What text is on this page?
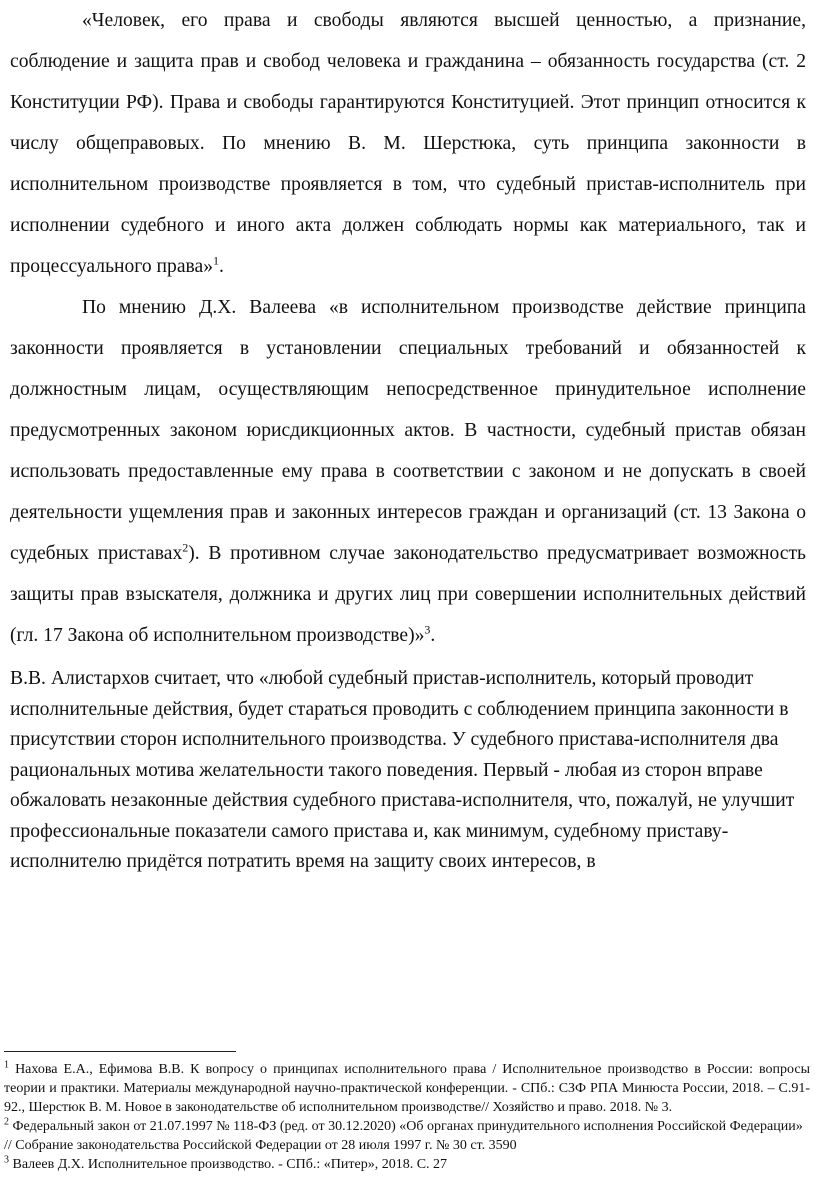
«Человек, его права и свободы являются высшей ценностью, а признание, соблюдение и защита прав и свобод человека и гражданина – обязанность государства (ст. 2 Конституции РФ). Права и свободы гарантируются Конституцией. Этот принцип относится к числу общеправовых. По мнению В. М. Шерстюка, суть принципа законности в исполнительном производстве проявляется в том, что судебный пристав-исполнитель при исполнении судебного и иного акта должен соблюдать нормы как материального, так и процессуального права»$^1$.

По мнению Д.Х. Валеева «в исполнительном производстве действие принципа законности проявляется в установлении специальных требований и обязанностей к должностным лицам, осуществляющим непосредственное принудительное исполнение предусмотренных законом юрисдикционных актов. В частности, судебный пристав обязан использовать предоставленные ему права в соответствии с законом и не допускать в своей деятельности ущемления прав и законных интересов граждан и организаций (ст. 13 Закона о судебных приставах$^2$). В противном случае законодательство предусматривает возможность защиты прав взыскателя, должника и других лиц при совершении исполнительных действий (гл. 17 Закона об исполнительном производстве)»$^3$.

В.В. Алистархов считает, что «любой судебный пристав-исполнитель, который проводит исполнительные действия, будет стараться проводить с соблюдением принципа законности в присутствии сторон исполнительного производства. У судебного пристава-исполнителя два рациональных мотива желательности такого поведения. Первый - любая из сторон вправе обжаловать незаконные действия судебного пристава-исполнителя, что, пожалуй, не улучшит профессиональные показатели самого пристава и, как минимум, судебному приставу-исполнителю придётся потратить время на защиту своих интересов, в

$^1$ Нахова Е.А., Ефимова В.В. К вопросу о принципах исполнительного права / Исполнительное производство в России: вопросы теории и практики. Материалы международной научно-практической конференции. - СПб.: СЗФ РПА Минюста России, 2018. – С.91-92., Шерстюк В. М. Новое в законодательстве об исполнительном производстве// Хозяйство и право. 2018. № 3.

$^2$ Федеральный закон от 21.07.1997 № 118-ФЗ (ред. от 30.12.2020) «Об органах принудительного исполнения Российской Федерации» // Собрание законодательства Российской Федерации от 28 июля 1997 г. № 30 ст. 3590

$^3$ Валеев Д.Х. Исполнительное производство. - СПб.: «Питер», 2018. С. 27
